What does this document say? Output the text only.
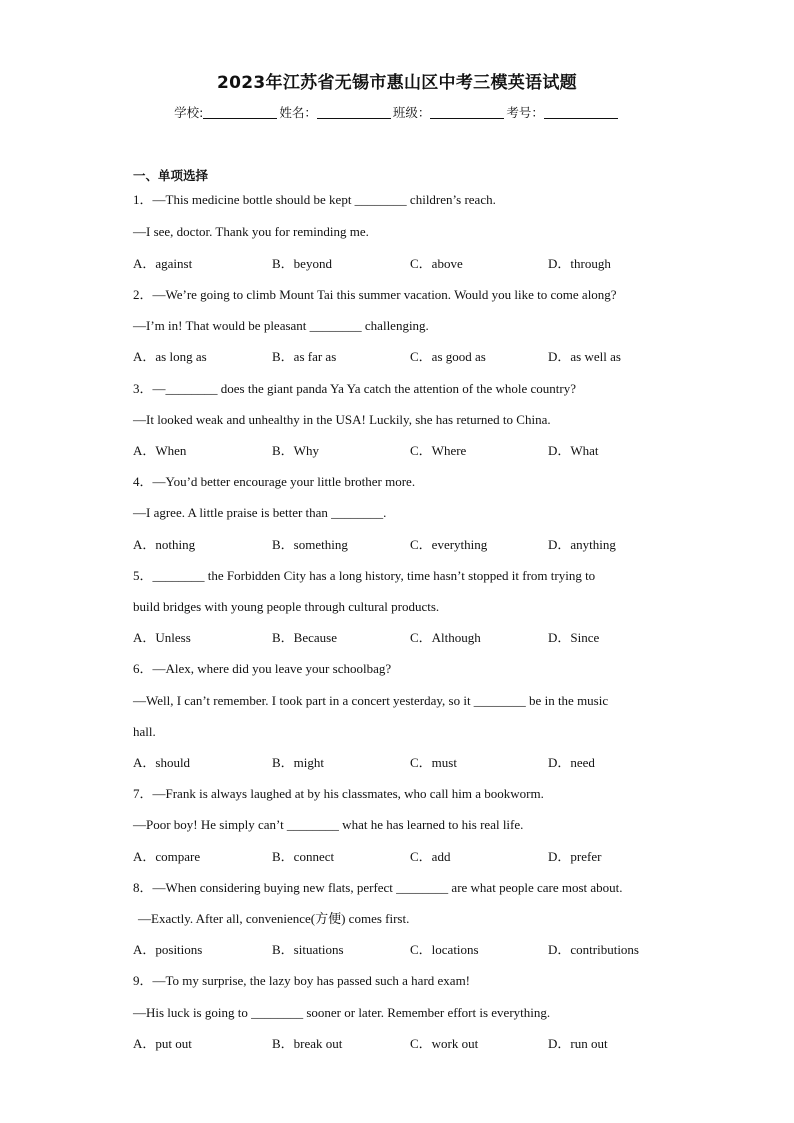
2023年江苏省无锡市惠山区中考三模英语试题
学校:	姓名：	班级：	考号：
一、单项选择
1．—This medicine bottle should be kept ________ children’s reach.
—I see, doctor. Thank you for reminding me.
A．against	B．beyond	C．above	D．through
2．—We’re going to climb Mount Tai this summer vacation. Would you like to come along?
—I’m in! That would be pleasant ________ challenging.
A．as long as	B．as far as	C．as good as	D．as well as
3．—________ does the giant panda Ya Ya catch the attention of the whole country?
—It looked weak and unhealthy in the USA! Luckily, she has returned to China.
A．When	B．Why	C．Where	D．What
4．—You’d better encourage your little brother more.
—I agree. A little praise is better than ________.
A．nothing	B．something	C．everything	D．anything
5．________ the Forbidden City has a long history, time hasn’t stopped it from trying to
build bridges with young people through cultural products.
A．Unless	B．Because	C．Although	D．Since
6．—Alex, where did you leave your schoolbag?
—Well, I can’t remember. I took part in a concert yesterday, so it ________ be in the music
hall.
A．should	B．might	C．must	D．need
7．—Frank is always laughed at by his classmates, who call him a bookworm.
—Poor boy! He simply can’t ________ what he has learned to his real life.
A．compare	B．connect	C．add	D．prefer
8．—When considering buying new flats, perfect ________ are what people care most about.
—Exactly. After all, convenience(方便) comes first.
A．positions	B．situations	C．locations	D．contributions
9．—To my surprise, the lazy boy has passed such a hard exam!
—His luck is going to ________ sooner or later. Remember effort is everything.
A．put out	B．break out	C．work out	D．run out
